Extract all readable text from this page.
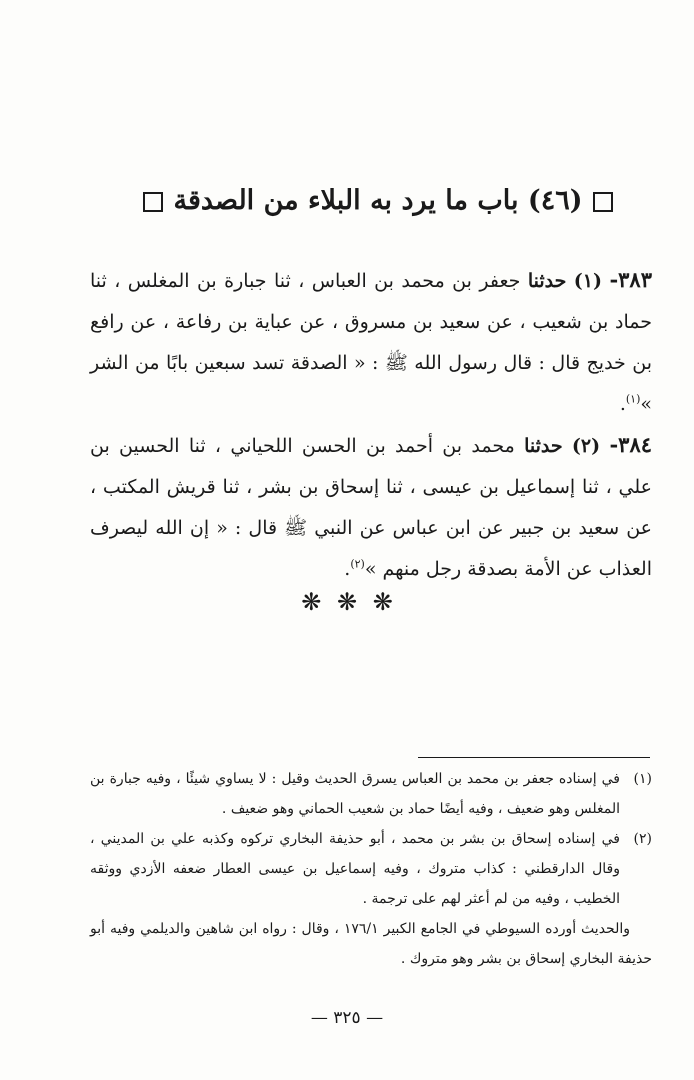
(٤٦) باب ما يرد به البلاء من الصدقة
٣٨٣- (١) حدثنا جعفر بن محمد بن العباس ، ثنا جبارة بن المغلس ، ثنا حماد بن شعيب ، عن سعيد بن مسروق ، عن عباية بن رفاعة ، عن رافع بن خديج قال : قال رسول الله ﷺ : « الصدقة تسد سبعين بابًا من الشر »$^{(١)}$.
٣٨٤- (٢) حدثنا محمد بن أحمد بن الحسن اللحياني ، ثنا الحسين بن علي ، ثنا إسماعيل بن عيسى ، ثنا إسحاق بن بشر ، ثنا قريش المكتب ، عن سعيد بن جبير عن ابن عباس عن النبي ﷺ قال : « إن الله ليصرف العذاب عن الأمة بصدقة رجل منهم »$^{(٢)}$.
❋ ❋ ❋
(١)
في إسناده جعفر بن محمد بن العباس يسرق الحديث وقيل : لا يساوي شيئًا ، وفيه جبارة بن المغلس وهو ضعيف ، وفيه أيضًا حماد بن شعيب الحماني وهو ضعيف .
(٢)
في إسناده إسحاق بن بشر بن محمد ، أبو حذيفة البخاري تركوه وكذبه علي بن المديني ، وقال الدارقطني : كذاب متروك ، وفيه إسماعيل بن عيسى العطار ضعفه الأزدي ووثقه الخطيب ، وفيه من لم أعثر لهم على ترجمة .
والحديث أورده السيوطي في الجامع الكبير ١٧٦/١ ، وقال : رواه ابن شاهين والديلمي وفيه أبو حذيفة البخاري إسحاق بن بشر وهو متروك .
— ٣٢٥ —
